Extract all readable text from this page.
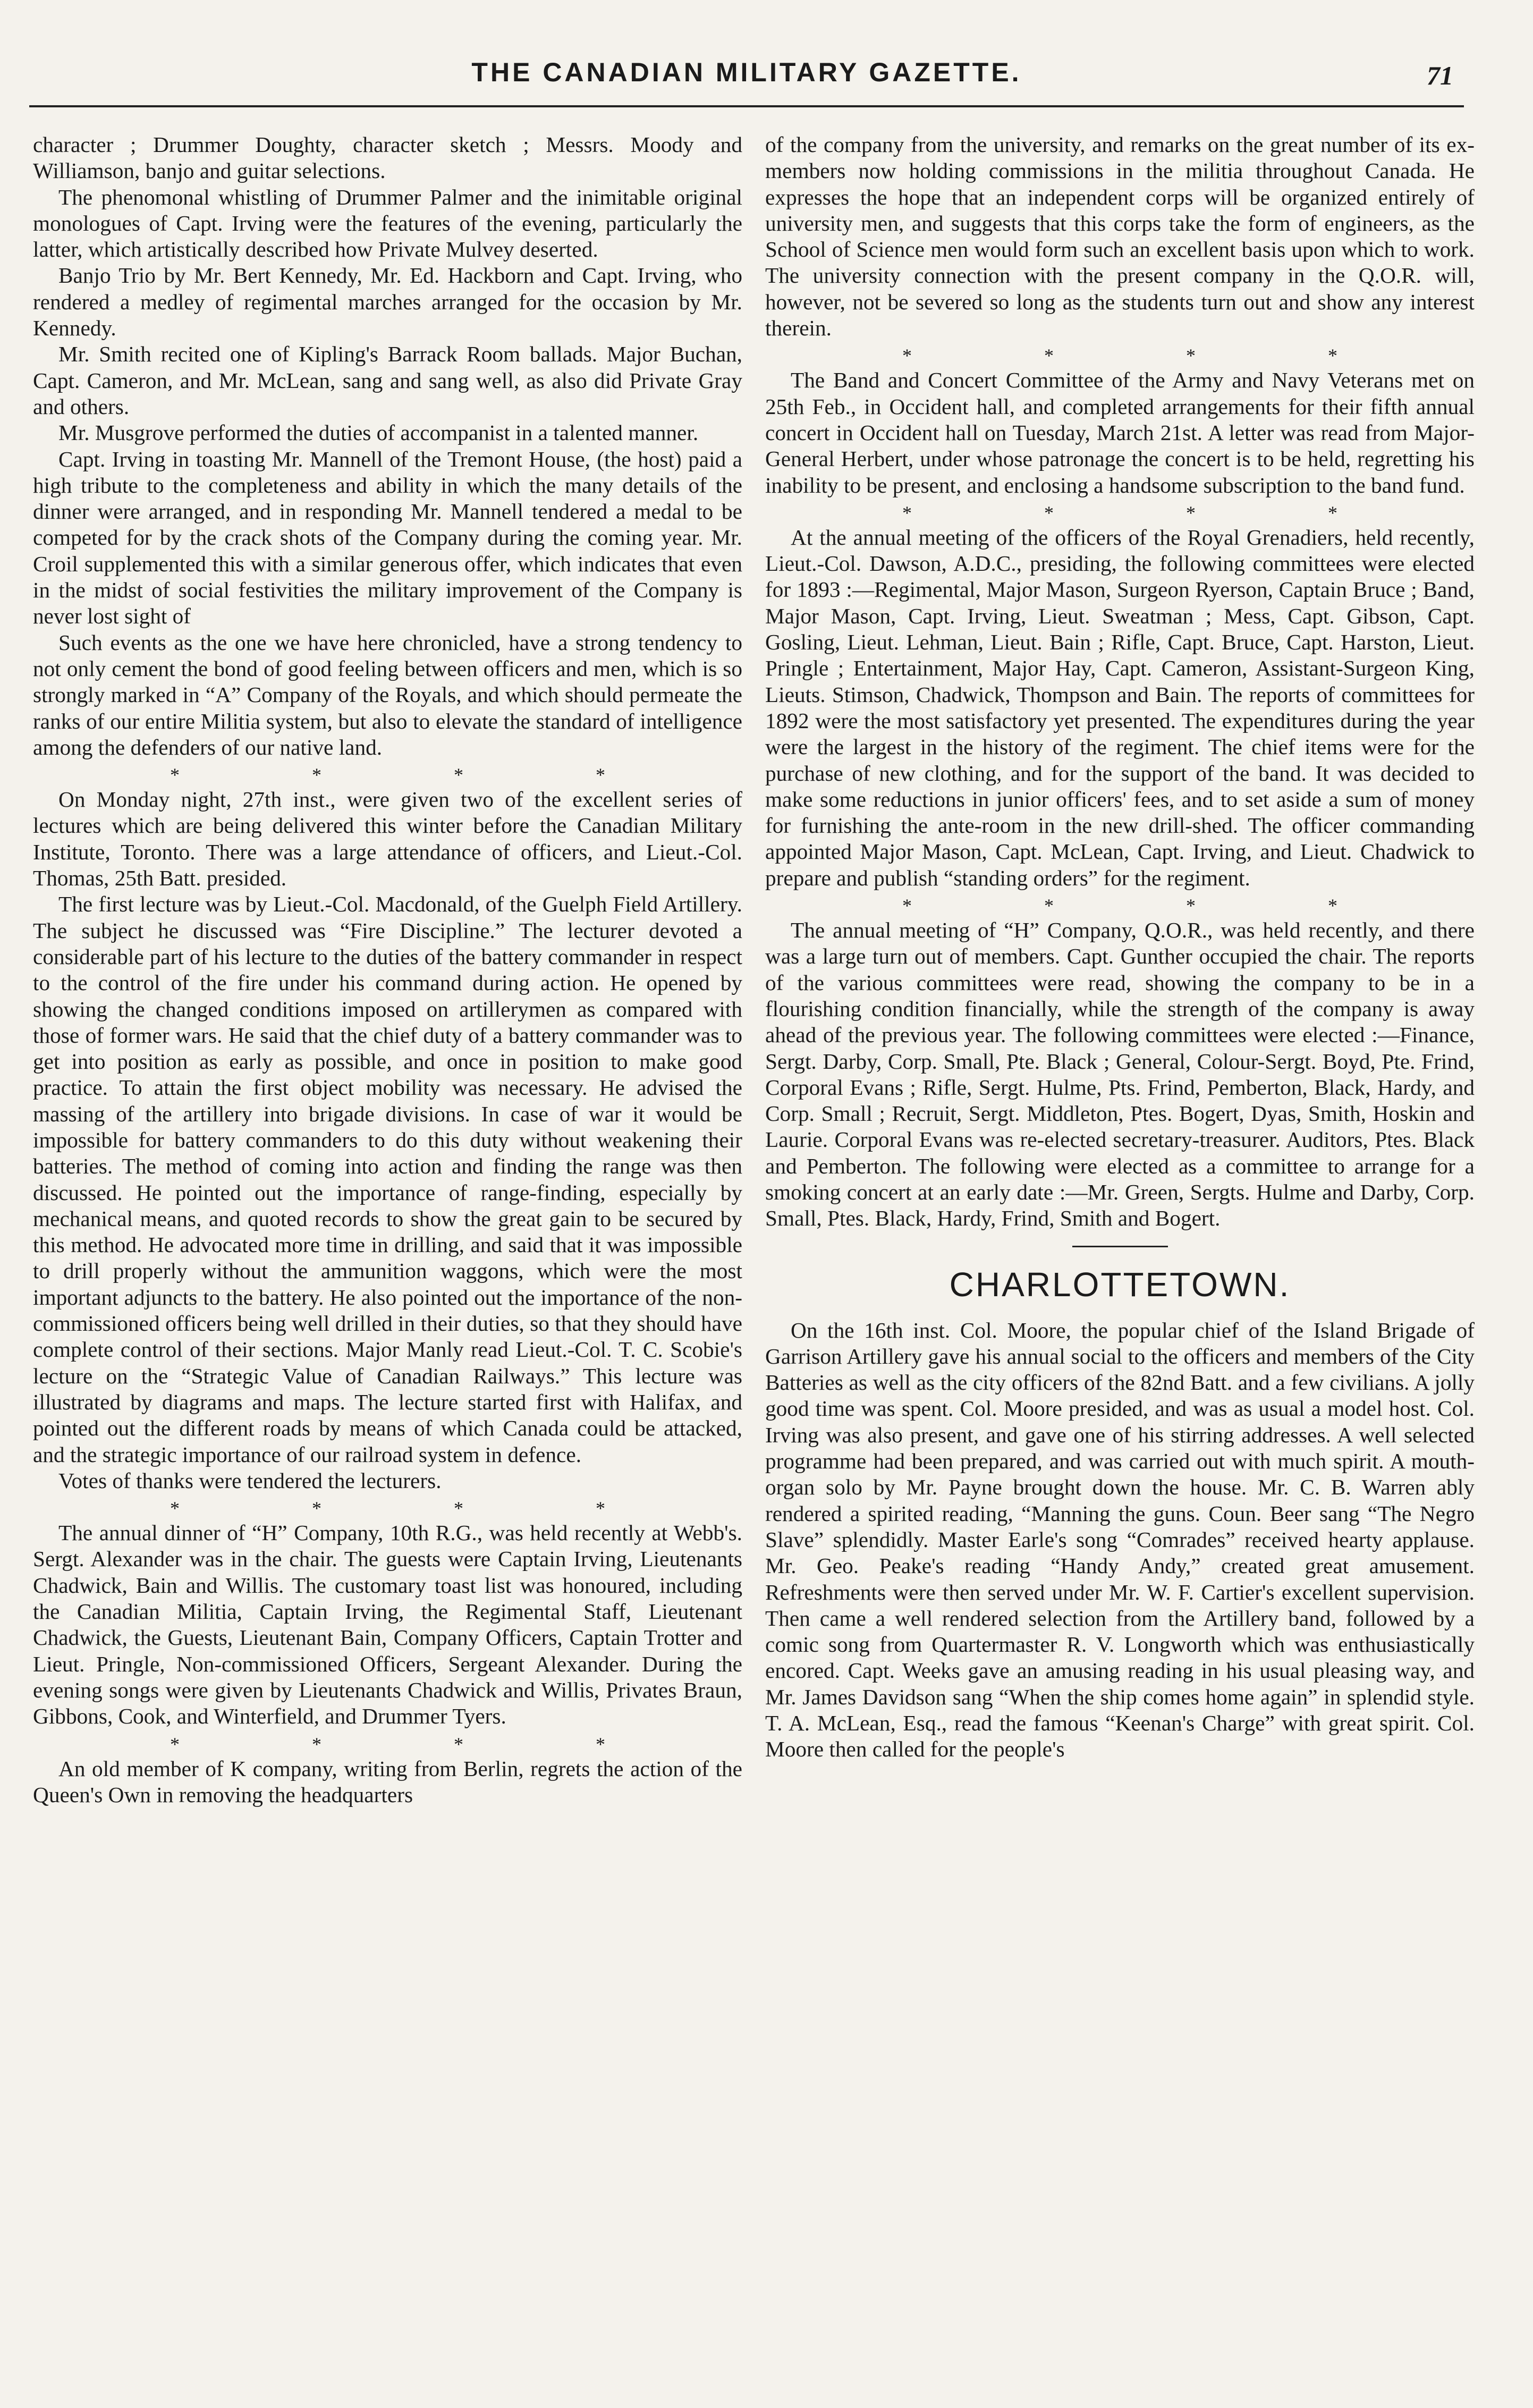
THE CANADIAN MILITARY GAZETTE.	71

character ; Drummer Doughty, character sketch ; Messrs. Moody and Williamson, banjo and guitar selections.

The phenomonal whistling of Drummer Palmer and the inimitable original monologues of Capt. Irving were the features of the evening, particularly the latter, which artistically described how Private Mulvey deserted.

Banjo Trio by Mr. Bert Kennedy, Mr. Ed. Hackborn and Capt. Irving, who rendered a medley of regimental marches arranged for the occasion by Mr. Kennedy.

Mr. Smith recited one of Kipling's Barrack Room ballads. Major Buchan, Capt. Cameron, and Mr. McLean, sang and sang well, as also did Private Gray and others.

Mr. Musgrove performed the duties of accompanist in a talented manner.

Capt. Irving in toasting Mr. Mannell of the Tremont House, (the host) paid a high tribute to the completeness and ability in which the many details of the dinner were arranged, and in responding Mr. Mannell tendered a medal to be competed for by the crack shots of the Company during the coming year. Mr. Croil supplemented this with a similar generous offer, which indicates that even in the midst of social festivities the military improvement of the Company is never lost sight of

Such events as the one we have here chronicled, have a strong tendency to not only cement the bond of good feeling between officers and men, which is so strongly marked in “A” Company of the Royals, and which should permeate the ranks of our entire Militia system, but also to elevate the standard of intelligence among the defenders of our native land.

* * * *

On Monday night, 27th inst., were given two of the excellent series of lectures which are being delivered this winter before the Canadian Military Institute, Toronto. There was a large attendance of officers, and Lieut.-Col. Thomas, 25th Batt. presided.

The first lecture was by Lieut.-Col. Macdonald, of the Guelph Field Artillery. The subject he discussed was “Fire Discipline.” The lecturer devoted a considerable part of his lecture to the duties of the battery commander in respect to the control of the fire under his command during action. He opened by showing the changed conditions imposed on artillerymen as compared with those of former wars. He said that the chief duty of a battery commander was to get into position as early as possible, and once in position to make good practice. To attain the first object mobility was necessary. He advised the massing of the artillery into brigade divisions. In case of war it would be impossible for battery commanders to do this duty without weakening their batteries. The method of coming into action and finding the range was then discussed. He pointed out the importance of range-finding, especially by mechanical means, and quoted records to show the great gain to be secured by this method. He advocated more time in drilling, and said that it was impossible to drill properly without the ammunition waggons, which were the most important adjuncts to the battery. He also pointed out the importance of the non-commissioned officers being well drilled in their duties, so that they should have complete control of their sections. Major Manly read Lieut.-Col. T. C. Scobie's lecture on the “Strategic Value of Canadian Railways.” This lecture was illustrated by diagrams and maps. The lecture started first with Halifax, and pointed out the different roads by means of which Canada could be attacked, and the strategic importance of our railroad system in defence.

Votes of thanks were tendered the lecturers.

* * * *

The annual dinner of “H” Company, 10th R.G., was held recently at Webb's. Sergt. Alexander was in the chair. The guests were Captain Irving, Lieutenants Chadwick, Bain and Willis. The customary toast list was honoured, including the Canadian Militia, Captain Irving, the Regimental Staff, Lieutenant Chadwick, the Guests, Lieutenant Bain, Company Officers, Captain Trotter and Lieut. Pringle, Non-commissioned Officers, Sergeant Alexander. During the evening songs were given by Lieutenants Chadwick and Willis, Privates Braun, Gibbons, Cook, and Winterfield, and Drummer Tyers.

* * * *

An old member of K company, writing from Berlin, regrets the action of the Queen's Own in removing the headquarters

of the company from the university, and remarks on the great number of its ex-members now holding commissions in the militia throughout Canada. He expresses the hope that an independent corps will be organized entirely of university men, and suggests that this corps take the form of engineers, as the School of Science men would form such an excellent basis upon which to work. The university connection with the present company in the Q.O.R. will, however, not be severed so long as the students turn out and show any interest therein.

* * * *

The Band and Concert Committee of the Army and Navy Veterans met on 25th Feb., in Occident hall, and completed arrangements for their fifth annual concert in Occident hall on Tuesday, March 21st. A letter was read from Major-General Herbert, under whose patronage the concert is to be held, regretting his inability to be present, and enclosing a handsome subscription to the band fund.

* * * *

At the annual meeting of the officers of the Royal Grenadiers, held recently, Lieut.-Col. Dawson, A.D.C., presiding, the following committees were elected for 1893 :—Regimental, Major Mason, Surgeon Ryerson, Captain Bruce ; Band, Major Mason, Capt. Irving, Lieut. Sweatman ; Mess, Capt. Gibson, Capt. Gosling, Lieut. Lehman, Lieut. Bain ; Rifle, Capt. Bruce, Capt. Harston, Lieut. Pringle ; Entertainment, Major Hay, Capt. Cameron, Assistant-Surgeon King, Lieuts. Stimson, Chadwick, Thompson and Bain. The reports of committees for 1892 were the most satisfactory yet presented. The expenditures during the year were the largest in the history of the regiment. The chief items were for the purchase of new clothing, and for the support of the band. It was decided to make some reductions in junior officers' fees, and to set aside a sum of money for furnishing the ante-room in the new drill-shed. The officer commanding appointed Major Mason, Capt. McLean, Capt. Irving, and Lieut. Chadwick to prepare and publish “standing orders” for the regiment.

* * * *

The annual meeting of “H” Company, Q.O.R., was held recently, and there was a large turn out of members. Capt. Gunther occupied the chair. The reports of the various committees were read, showing the company to be in a flourishing condition financially, while the strength of the company is away ahead of the previous year. The following committees were elected :—Finance, Sergt. Darby, Corp. Small, Pte. Black ; General, Colour-Sergt. Boyd, Pte. Frind, Corporal Evans ; Rifle, Sergt. Hulme, Pts. Frind, Pemberton, Black, Hardy, and Corp. Small ; Recruit, Sergt. Middleton, Ptes. Bogert, Dyas, Smith, Hoskin and Laurie. Corporal Evans was re-elected secretary-treasurer. Auditors, Ptes. Black and Pemberton. The following were elected as a committee to arrange for a smoking concert at an early date :—Mr. Green, Sergts. Hulme and Darby, Corp. Small, Ptes. Black, Hardy, Frind, Smith and Bogert.

CHARLOTTETOWN.

On the 16th inst. Col. Moore, the popular chief of the Island Brigade of Garrison Artillery gave his annual social to the officers and members of the City Batteries as well as the city officers of the 82nd Batt. and a few civilians. A jolly good time was spent. Col. Moore presided, and was as usual a model host. Col. Irving was also present, and gave one of his stirring addresses. A well selected programme had been prepared, and was carried out with much spirit. A mouth-organ solo by Mr. Payne brought down the house. Mr. C. B. Warren ably rendered a spirited reading, “Manning the guns. Coun. Beer sang “The Negro Slave” splendidly. Master Earle's song “Comrades” received hearty applause. Mr. Geo. Peake's reading “Handy Andy,” created great amusement. Refreshments were then served under Mr. W. F. Cartier's excellent supervision. Then came a well rendered selection from the Artillery band, followed by a comic song from Quartermaster R. V. Longworth which was enthusiastically encored. Capt. Weeks gave an amusing reading in his usual pleasing way, and Mr. James Davidson sang “When the ship comes home again” in splendid style. T. A. McLean, Esq., read the famous “Keenan's Charge” with great spirit. Col. Moore then called for the people's
